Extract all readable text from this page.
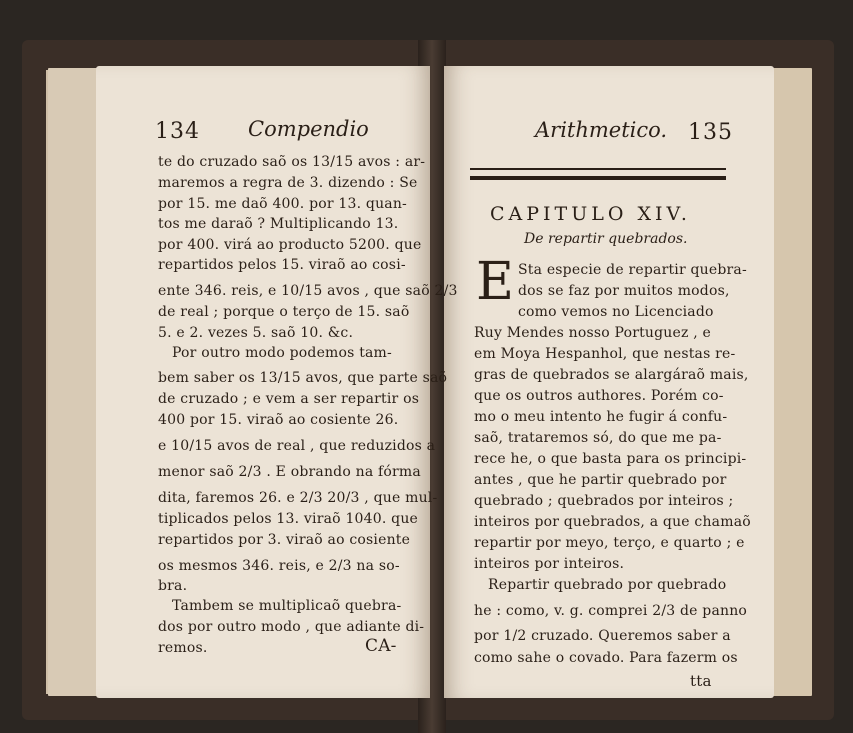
134 Compendio
te do cruzado saõ os 13/15 avos : ar-
maremos a regra de 3. dizendo : Se
por 15. me daõ 400. por 13. quan-
tos me daraõ ? Multiplicando 13.
por 400. virá ao producto 5200. que
repartidos pelos 15. viraõ ao cosi-
ente 346. reis, e 10/15 avos , que saõ 2/3
de real ; porque o terço de 15. saõ
5. e 2. vezes 5. saõ 10. &c.
Por outro modo podemos tam-
bem saber os 13/15 avos, que parte saõ
de cruzado ; e vem a ser repartir os
400 por 15. viraõ ao cosiente 26.
e 10/15 avos de real , que reduzidos a
menor saõ 2/3 . E obrando na fórma
dita, faremos 26. e 2/3 20/3 , que mul-
tiplicados pelos 13. viraõ 1040. que
repartidos por 3. viraõ ao cosiente
os mesmos 346. reis, e 2/3 na so-
bra.
Tambem se multiplicaõ quebra-
dos por outro modo , que adiante di-
remos.	CA-
Arithmetico. 135
CAPITULO XIV.
De repartir quebrados.
E Sta especie de repartir quebra-
dos se faz por muitos modos,
como vemos no Licenciado
Ruy Mendes nosso Portuguez , e
em Moya Hespanhol, que nestas re-
gras de quebrados se alargáraõ mais,
que os outros authores. Porém co-
mo o meu intento he fugir á confu-
saõ, trataremos só, do que me pa-
rece he, o que basta para os principi-
antes , que he partir quebrado por
quebrado ; quebrados por inteiros ;
inteiros por quebrados, a que chamaõ
repartir por meyo, terço, e quarto ; e
inteiros por inteiros.
Repartir quebrado por quebrado
he : como, v. g. comprei 2/3 de panno
por 1/2 cruzado. Queremos saber a
como sahe o covado. Para fazerm os
tta
